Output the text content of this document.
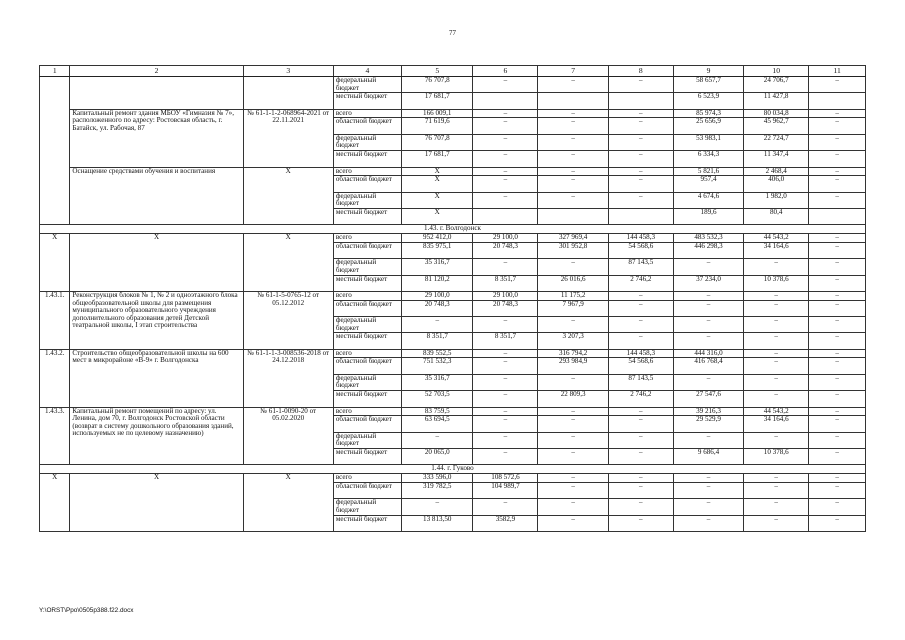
77
1	2	3	4	5	6	7	8	9	10	11
			федеральный бюджет	76 707,8	–	–	–	58 657,7	24 706,7	–
			местный бюджет	17 681,7				6 523,9	11 427,8	
	Капитальный ремонт здания МБОУ «Гимназия № 7», расположенного по адресу: Ростовская область, г. Батайск, ул. Рабочая, 87	№ 61-1-1-2-068964-2021 от 22.11.2021	всего	166 009,1	–	–	–	85 974,3	80 034,8	–
			областной бюджет	71 619,6	–	–	–	25 656,9	45 962,7	–
			федеральный бюджет	76 707,8	–	–	–	53 983,1	22 724,7	–
			местный бюджет	17 681,7	–	–	–	6 334,3	11 347,4	–
	Оснащение средствами обучения и воспитания	X	всего	X	–	–	–	5 821,6	2 468,4	–
			областной бюджет	X	–	–	–	957,4	406,0	–
			федеральный бюджет	X	–	–	–	4 674,6	1 982,0	–
			местный бюджет	X				189,6	80,4	
1.43. г. Волгодонск										
X	X	X	всего	952 412,0	29 100,0	327 969,4	144 458,3	483 532,3	44 543,2	–
			областной бюджет	835 975,1	20 748,3	301 952,8	54 568,6	446 298,3	34 164,6	–
			федеральный бюджет	35 316,7	–	–	87 143,5	–	–	–
			местный бюджет	81 120,2	8 351,7	26 016,6	2 746,2	37 234,0	10 378,6	–
1.43.1.	Реконструкция блоков № 1, № 2 и одноэтажного блока общеобразовательной школы для размещения муниципального образовательного учреждения дополнительного образования детей Детской театральной школы, I этап строительства	№ 61-1-5-0765-12 от 05.12.2012	всего	29 100,0	29 100,0	11 175,2	–	–	–	–
			областной бюджет	20 748,3	20 748,3	7 967,9	–	–	–	–
			федеральный бюджет	–	–	–	–	–	–	–
			местный бюджет	8 351,7	8 351,7	3 207,3	–	–	–	–
1.43.2.	Строительство общеобразовательной школы на 600 мест в микрорайоне «В-9» г. Волгодонска	№ 61-1-1-3-008536-2018 от 24.12.2018	всего	839 552,5	–	316 794,2	144 458,3	444 316,0	–	–
			областной бюджет	751 532,3	–	293 984,9	54 568,6	416 768,4	–	–
			федеральный бюджет	35 316,7	–	–	87 143,5	–	–	–
			местный бюджет	52 703,5	–	22 809,3	2 746,2	27 547,6	–	–
1.43.3.	Капитальный ремонт помещений по адресу: ул. Ленина, дом 70, г. Волгодонск Ростовской области (возврат в систему дошкольного образования зданий, используемых не по целевому назначению)	№ 61-1-0090-20 от 05.02.2020	всего	83 759,5	–	–	–	39 216,3	44 543,2	–
			областной бюджет	63 694,5	–	–	–	29 529,9	34 164,6	–
			федеральный бюджет	–	–	–	–	–	–	–
			местный бюджет	20 065,0	–	–	–	9 686,4	10 378,6	–
1.44. г. Гуково										
X	X	X	всего	333 596,0	108 572,6	–	–	–	–	–
			областной бюджет	319 782,5	104 989,7	–	–	–	–	–
			федеральный бюджет	–	–	–	–	–	–	–
			местный бюджет	13 813,50	3582,9	–	–	–	–	–
Y:\ORST\Ppo\0505p388.f22.docx
